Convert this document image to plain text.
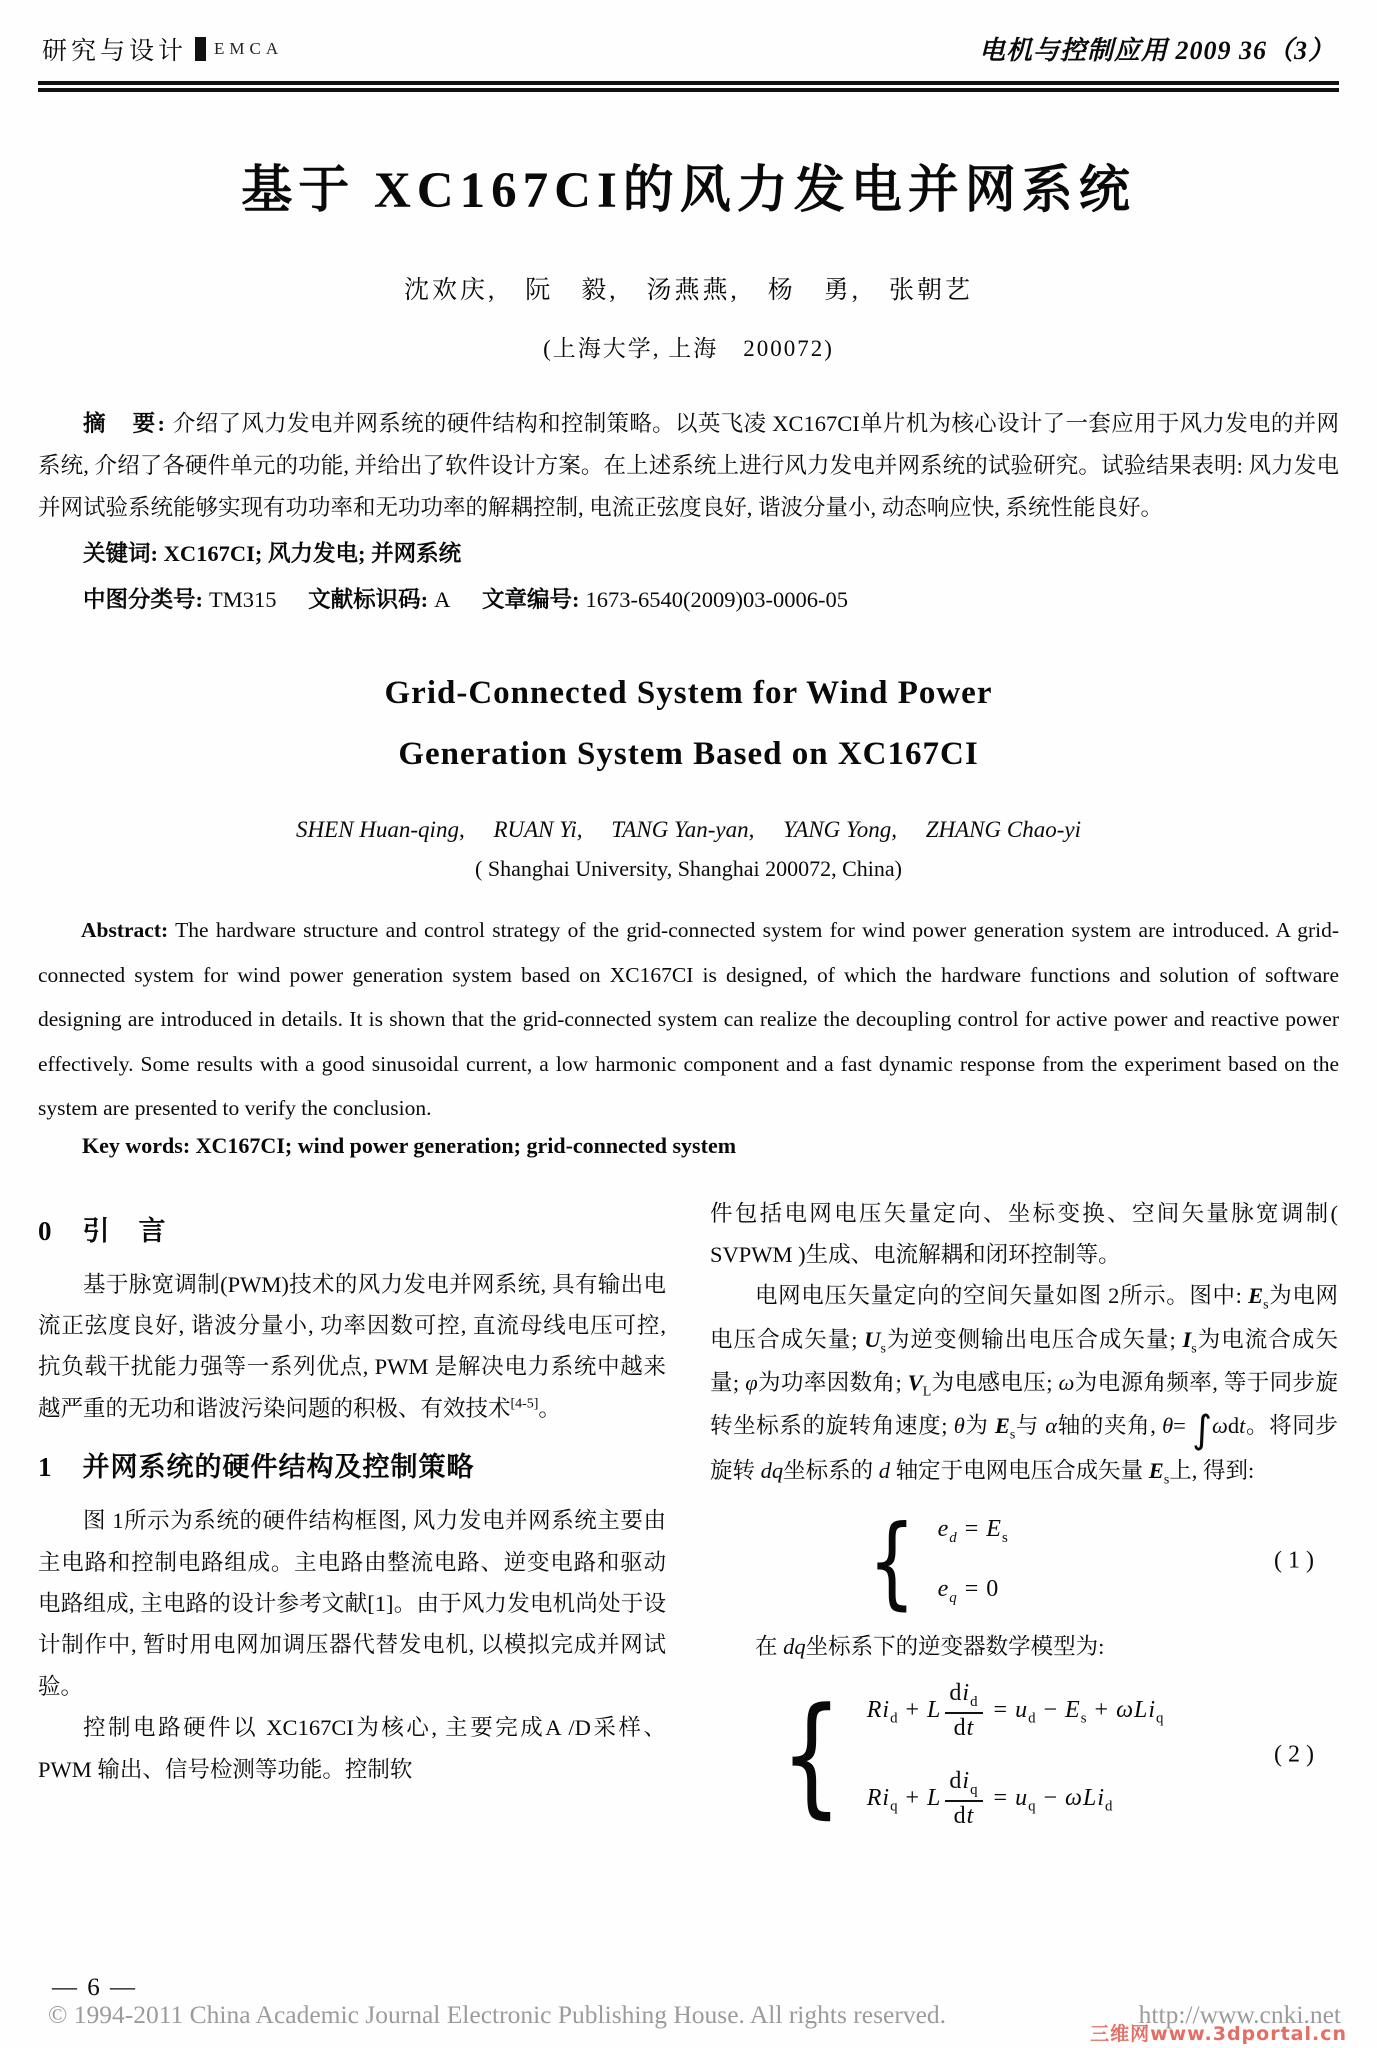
研究与设计 EMCA	电机与控制应用 2009 36（3）
基于 XC167CI的风力发电并网系统
沈欢庆,　阮　毅,　汤燕燕,　杨　勇,　张朝艺
(上海大学, 上海　200072)

摘　要: 介绍了风力发电并网系统的硬件结构和控制策略。以英飞凌 XC167CI单片机为核心设计了一套应用于风力发电的并网系统, 介绍了各硬件单元的功能, 并给出了软件设计方案。在上述系统上进行风力发电并网系统的试验研究。试验结果表明: 风力发电并网试验系统能够实现有功功率和无功功率的解耦控制, 电流正弦度良好, 谐波分量小, 动态响应快, 系统性能良好。

关键词: XC167CI; 风力发电; 并网系统

中图分类号: TM315 文献标识码: A 文章编号: 1673-6540(2009)03-0006-05

Grid-Connected System for Wind Power
Generation System Based on XC167CI
SHEN Huan-qing,　 RUAN Yi,　 TANG Yan-yan,　 YANG Yong,　 ZHANG Chao-yi
( Shanghai University, Shanghai 200072, China)

Abstract: The hardware structure and control strategy of the grid-connected system for wind power generation system are introduced. A grid-connected system for wind power generation system based on XC167CI is designed, of which the hardware functions and solution of software designing are introduced in details. It is shown that the grid-connected system can realize the decoupling control for active power and reactive power effectively. Some results with a good sinusoidal current, a low harmonic component and a fast dynamic response from the experiment based on the system are presented to verify the conclusion.

Key words: XC167CI; wind power generation; grid-connected system

0 引　言

基于脉宽调制(PWM)技术的风力发电并网系统, 具有输出电流正弦度良好, 谐波分量小, 功率因数可控, 直流母线电压可控, 抗负载干扰能力强等一系列优点, PWM 是解决电力系统中越来越严重的无功和谐波污染问题的积极、有效技术[4-5]。

1 并网系统的硬件结构及控制策略

图 1所示为系统的硬件结构框图, 风力发电并网系统主要由主电路和控制电路组成。主电路由整流电路、逆变电路和驱动电路组成, 主电路的设计参考文献[1]。由于风力发电机尚处于设计制作中, 暂时用电网加调压器代替发电机, 以模拟完成并网试验。

控制电路硬件以 XC167CI为核心, 主要完成A /D采样、PWM 输出、信号检测等功能。控制软

件包括电网电压矢量定向、坐标变换、空间矢量脉宽调制( SVPWM )生成、电流解耦和闭环控制等。

电网电压矢量定向的空间矢量如图 2所示。图中: $E_s$为电网电压合成矢量; $U_s$为逆变侧输出电压合成矢量; $I_s$为电流合成矢量; φ为功率因数角; $V_L$为电感电压; ω为电源角频率, 等于同步旋转坐标系的旋转角速度; θ为 $E_s$与 α轴的夹角, θ= ∫ωdt。将同步旋转 dq坐标系的 d 轴定于电网电压合成矢量 $E_s$上, 得到:

{ $e_d = E_s$
$e_q = 0$
( 1 )

在 dq坐标系下的逆变器数学模型为:

{ $Ri_d + L \frac{di_d}{dt} = u_d - E_s + \omega Li_q$
$Ri_q + L \frac{di_q}{dt} = u_q - \omega Li_d$
( 2 )
— 6 —
© 1994-2011 China Academic Journal Electronic Publishing House. All rights reserved.	http://www.cnki.net
三维网www.3dportal.cn
